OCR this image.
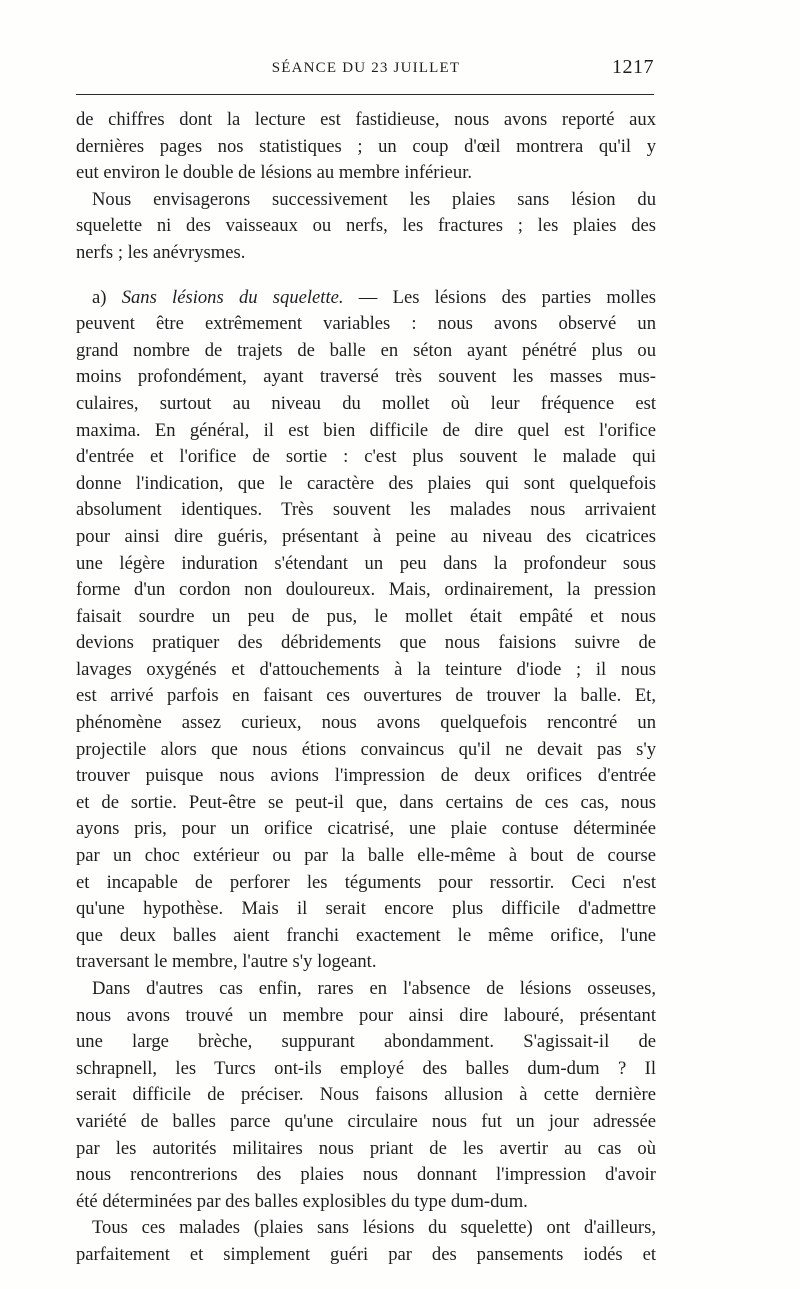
SÉANCE DU 23 JUILLET	1217
de chiffres dont la lecture est fastidieuse, nous avons reporté aux
dernières pages nos statistiques ; un coup d'œil montrera qu'il y
eut environ le double de lésions au membre inférieur.
Nous envisagerons successivement les plaies sans lésion du
squelette ni des vaisseaux ou nerfs, les fractures ; les plaies des
nerfs ; les anévrysmes.
a) Sans lésions du squelette. — Les lésions des parties molles
peuvent être extrêmement variables : nous avons observé un
grand nombre de trajets de balle en séton ayant pénétré plus ou
moins profondément, ayant traversé très souvent les masses mus-
culaires, surtout au niveau du mollet où leur fréquence est
maxima. En général, il est bien difficile de dire quel est l'orifice
d'entrée et l'orifice de sortie : c'est plus souvent le malade qui
donne l'indication, que le caractère des plaies qui sont quelquefois
absolument identiques. Très souvent les malades nous arrivaient
pour ainsi dire guéris, présentant à peine au niveau des cicatrices
une légère induration s'étendant un peu dans la profondeur sous
forme d'un cordon non douloureux. Mais, ordinairement, la pression
faisait sourdre un peu de pus, le mollet était empâté et nous
devions pratiquer des débridements que nous faisions suivre de
lavages oxygénés et d'attouchements à la teinture d'iode ; il nous
est arrivé parfois en faisant ces ouvertures de trouver la balle. Et,
phénomène assez curieux, nous avons quelquefois rencontré un
projectile alors que nous étions convaincus qu'il ne devait pas s'y
trouver puisque nous avions l'impression de deux orifices d'entrée
et de sortie. Peut-être se peut-il que, dans certains de ces cas, nous
ayons pris, pour un orifice cicatrisé, une plaie contuse déterminée
par un choc extérieur ou par la balle elle-même à bout de course
et incapable de perforer les téguments pour ressortir. Ceci n'est
qu'une hypothèse. Mais il serait encore plus difficile d'admettre
que deux balles aient franchi exactement le même orifice, l'une
traversant le membre, l'autre s'y logeant.
Dans d'autres cas enfin, rares en l'absence de lésions osseuses,
nous avons trouvé un membre pour ainsi dire labouré, présentant
une large brèche, suppurant abondamment. S'agissait-il de
schrapnell, les Turcs ont-ils employé des balles dum-dum ? Il
serait difficile de préciser. Nous faisons allusion à cette dernière
variété de balles parce qu'une circulaire nous fut un jour adressée
par les autorités militaires nous priant de les avertir au cas où
nous rencontrerions des plaies nous donnant l'impression d'avoir
été déterminées par des balles explosibles du type dum-dum.
Tous ces malades (plaies sans lésions du squelette) ont d'ailleurs,
parfaitement et simplement guéri par des pansements iodés et
